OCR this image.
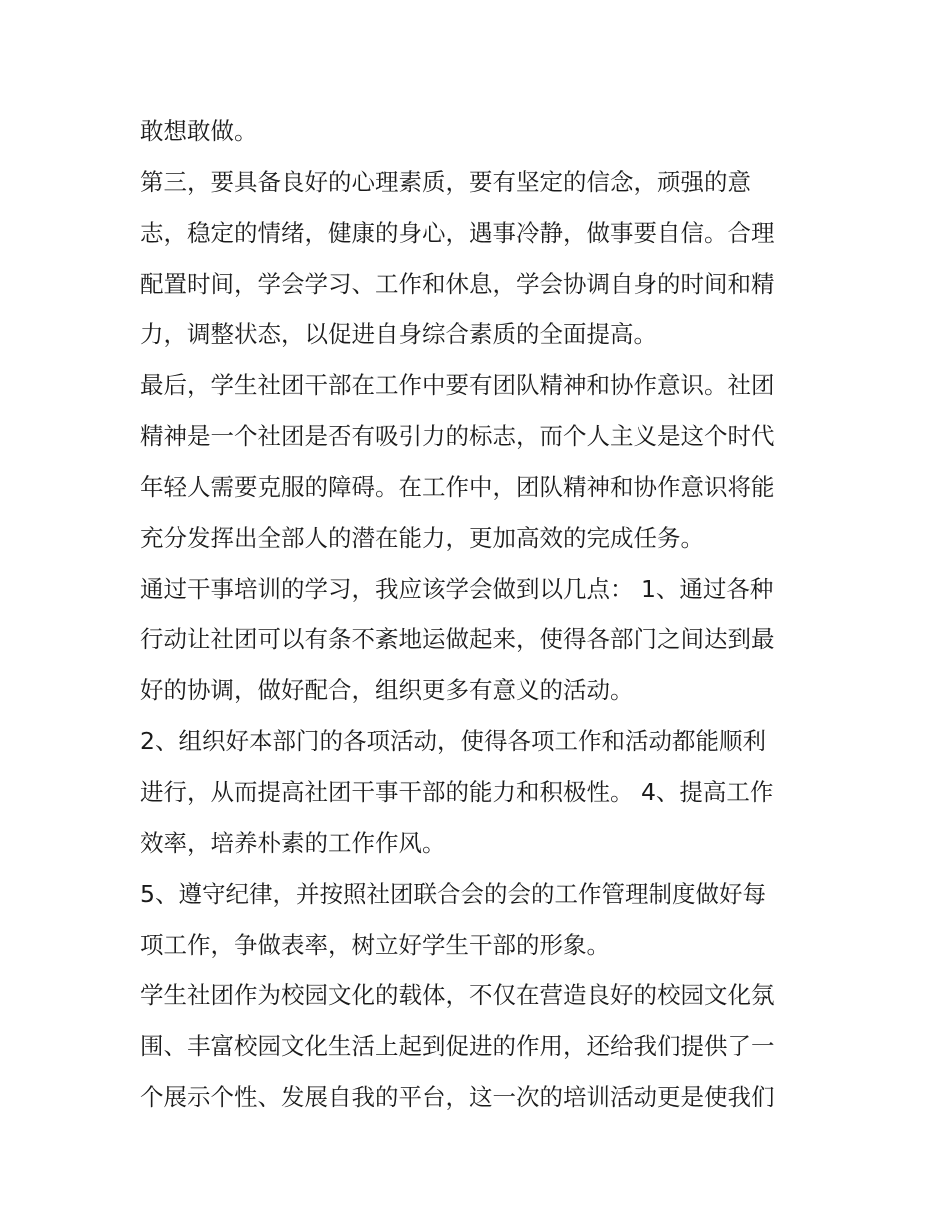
敢想敢做。
第三，要具备良好的心理素质，要有坚定的信念，顽强的意
志，稳定的情绪，健康的身心，遇事冷静，做事要自信。合理
配置时间，学会学习、工作和休息，学会协调自身的时间和精
力，调整状态，以促进自身综合素质的全面提高。
最后，学生社团干部在工作中要有团队精神和协作意识。社团
精神是一个社团是否有吸引力的标志，而个人主义是这个时代
年轻人需要克服的障碍。在工作中，团队精神和协作意识将能
充分发挥出全部人的潜在能力，更加高效的完成任务。
通过干事培训的学习，我应该学会做到以几点： 1、通过各种
行动让社团可以有条不紊地运做起来，使得各部门之间达到最
好的协调，做好配合，组织更多有意义的活动。
2、组织好本部门的各项活动，使得各项工作和活动都能顺利
进行，从而提高社团干事干部的能力和积极性。 4、提高工作
效率，培养朴素的工作作风。
5、遵守纪律，并按照社团联合会的会的工作管理制度做好每
项工作，争做表率，树立好学生干部的形象。
学生社团作为校园文化的载体，不仅在营造良好的校园文化氛
围、丰富校园文化生活上起到促进的作用，还给我们提供了一
个展示个性、发展自我的平台，这一次的培训活动更是使我们
